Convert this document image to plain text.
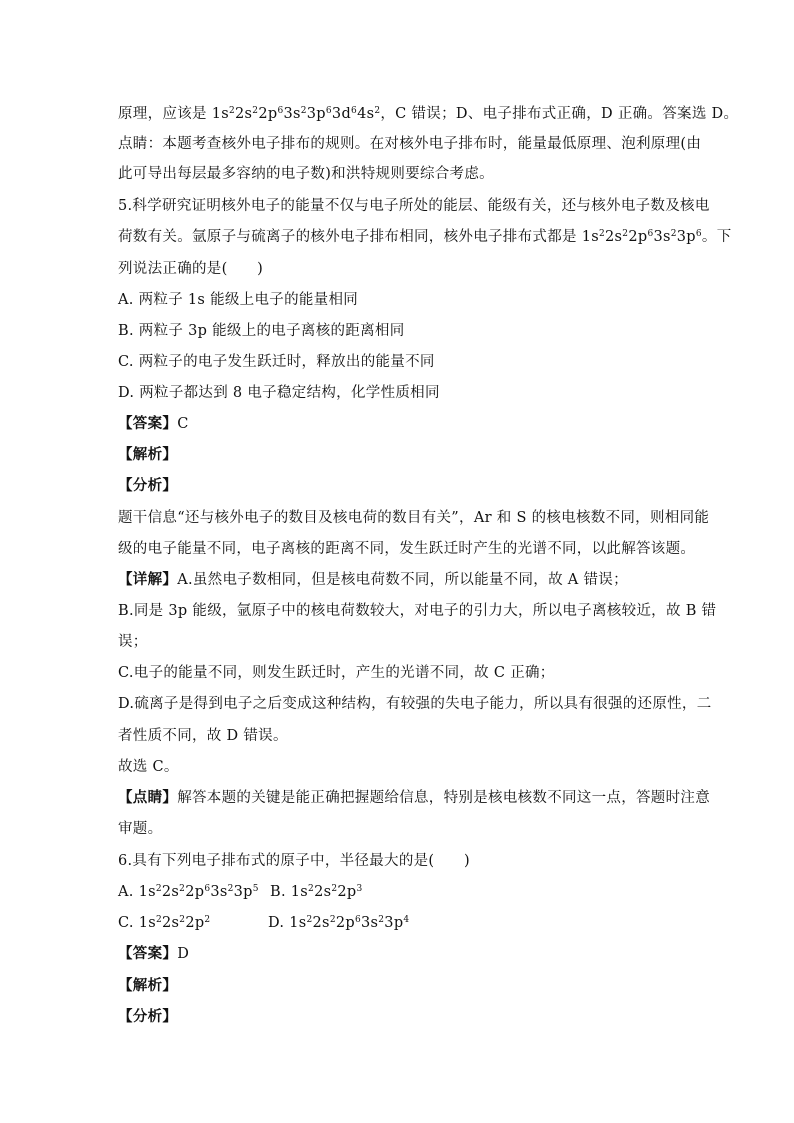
原理，应该是 $1s^22s^22p^63s^23p^63d^64s^2$，C 错误；D、电子排布式正确，D 正确。答案选 D。
点睛：本题考查核外电子排布的规则。在对核外电子排布时，能量最低原理、泡利原理(由
此可导出每层最多容纳的电子数)和洪特规则要综合考虑。
5.科学研究证明核外电子的能量不仅与电子所处的能层、能级有关，还与核外电子数及核电
荷数有关。氩原子与硫离子的核外电子排布相同，核外电子排布式都是 $1s^22s^22p^63s^23p^6$。下
列说法正确的是(　　)
A. 两粒子 1s 能级上电子的能量相同
B. 两粒子 3p 能级上的电子离核的距离相同
C. 两粒子的电子发生跃迁时，释放出的能量不同
D. 两粒子都达到 8 电子稳定结构，化学性质相同
【答案】C
【解析】
【分析】
题干信息“还与核外电子的数目及核电荷的数目有关”，Ar 和 S 的核电核数不同，则相同能
级的电子能量不同，电子离核的距离不同，发生跃迁时产生的光谱不同，以此解答该题。
【详解】A.虽然电子数相同，但是核电荷数不同，所以能量不同，故 A 错误；
B.同是 3p 能级，氩原子中的核电荷数较大，对电子的引力大，所以电子离核较近，故 B 错
误；
C.电子的能量不同，则发生跃迁时，产生的光谱不同，故 C 正确；
D.硫离子是得到电子之后变成这种结构，有较强的失电子能力，所以具有很强的还原性，二
者性质不同，故 D 错误。
故选 C。
【点睛】解答本题的关键是能正确把握题给信息，特别是核电核数不同这一点，答题时注意
审题。
6.具有下列电子排布式的原子中，半径最大的是(　　)
A. $1s^22s^22p^63s^23p^5$ B. $1s^22s^22p^3$
C. $1s^22s^22p^2$	D. $1s^22s^22p^63s^23p^4$
【答案】D
【解析】
【分析】
